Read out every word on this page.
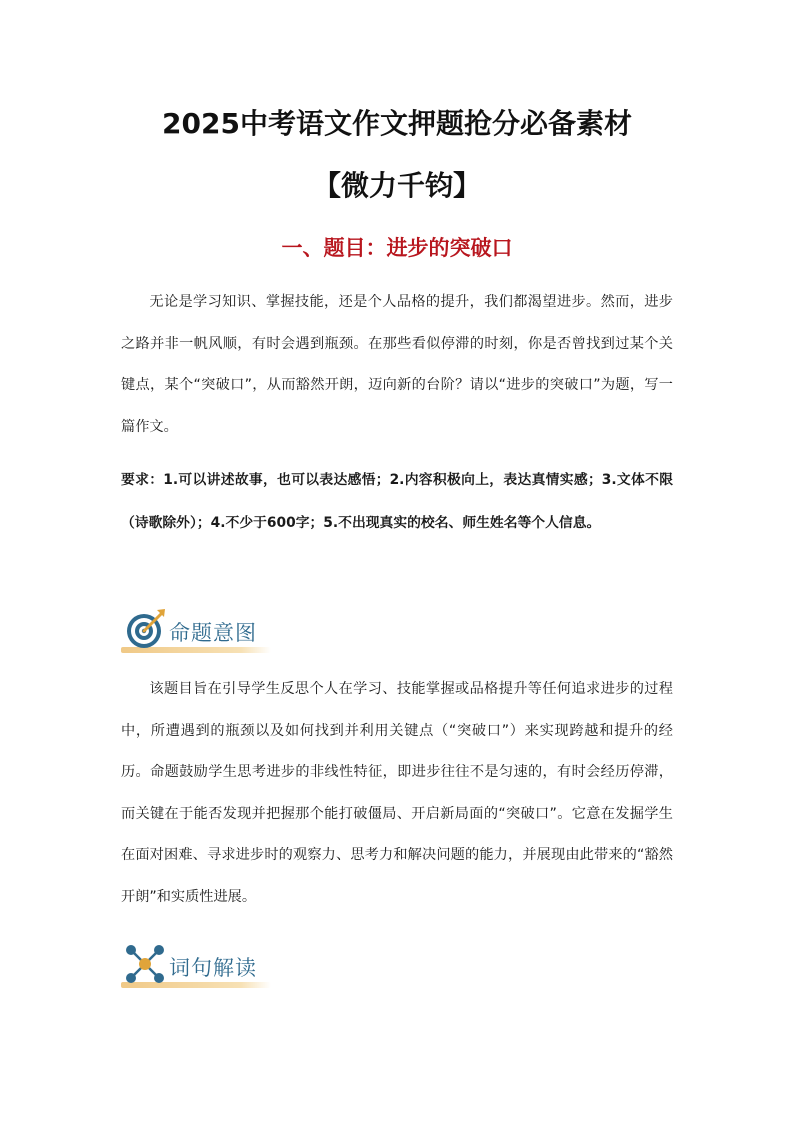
2025中考语文作文押题抢分必备素材
【微力千钧】
一、题目：进步的突破口

无论是学习知识、掌握技能，还是个人品格的提升，我们都渴望进步。然而，进步之路并非一帆风顺，有时会遇到瓶颈。在那些看似停滞的时刻，你是否曾找到过某个关键点，某个“突破口”，从而豁然开朗，迈向新的台阶？请以“进步的突破口”为题，写一篇作文。

要求：1.可以讲述故事，也可以表达感悟；2.内容积极向上，表达真情实感；3.文体不限（诗歌除外）；4.不少于600字；5.不出现真实的校名、师生姓名等个人信息。

命题意图

该题目旨在引导学生反思个人在学习、技能掌握或品格提升等任何追求进步的过程中，所遭遇到的瓶颈以及如何找到并利用关键点（“突破口”）来实现跨越和提升的经历。命题鼓励学生思考进步的非线性特征，即进步往往不是匀速的，有时会经历停滞，而关键在于能否发现并把握那个能打破僵局、开启新局面的“突破口”。它意在发掘学生在面对困难、寻求进步时的观察力、思考力和解决问题的能力，并展现由此带来的“豁然开朗”和实质性进展。

词句解读
